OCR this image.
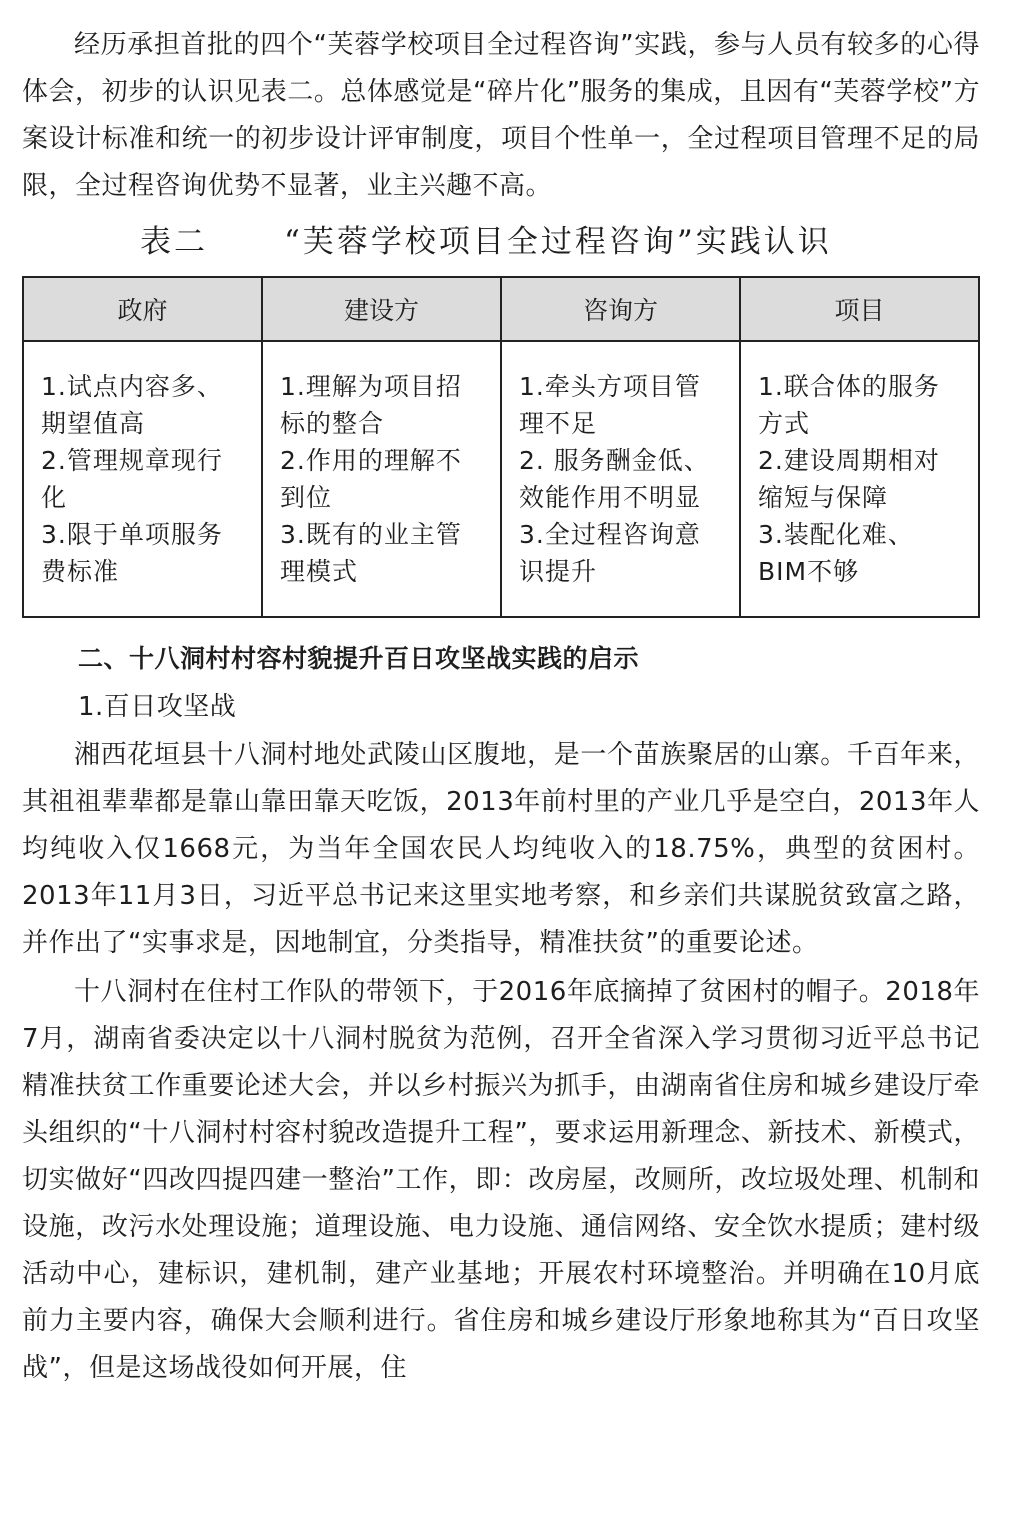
经历承担首批的四个“芙蓉学校项目全过程咨询”实践，参与人员有较多的心得体会，初步的认识见表二。总体感觉是“碎片化”服务的集成，且因有“芙蓉学校”方案设计标准和统一的初步设计评审制度，项目个性单一，全过程项目管理不足的局限，全过程咨询优势不显著，业主兴趣不高。

表二 “芙蓉学校项目全过程咨询”实践认识
政府	建设方	咨询方	项目

1.试点内容多、期望值高
2.管理规章现行化
3.限于单项服务费标准	1.理解为项目招标的整合
2.作用的理解不到位
3.既有的业主管理模式	1.牵头方项目管理不足
2. 服务酬金低、效能作用不明显
3.全过程咨询意识提升	1.联合体的服务方式
2.建设周期相对缩短与保障
3.装配化难、BIM不够
二、十八洞村村容村貌提升百日攻坚战实践的启示
1.百日攻坚战

湘西花垣县十八洞村地处武陵山区腹地，是一个苗族聚居的山寨。千百年来，其祖祖辈辈都是靠山靠田靠天吃饭，2013年前村里的产业几乎是空白，2013年人均纯收入仅1668元，为当年全国农民人均纯收入的18.75%，典型的贫困村。2013年11月3日，习近平总书记来这里实地考察，和乡亲们共谋脱贫致富之路，并作出了“实事求是，因地制宜，分类指导，精准扶贫”的重要论述。

十八洞村在住村工作队的带领下，于2016年底摘掉了贫困村的帽子。2018年7月，湖南省委决定以十八洞村脱贫为范例，召开全省深入学习贯彻习近平总书记精准扶贫工作重要论述大会，并以乡村振兴为抓手，由湖南省住房和城乡建设厅牵头组织的“十八洞村村容村貌改造提升工程”，要求运用新理念、新技术、新模式，切实做好“四改四提四建一整治”工作，即：改房屋，改厕所，改垃圾处理、机制和设施，改污水处理设施；道理设施、电力设施、通信网络、安全饮水提质；建村级活动中心，建标识，建机制，建产业基地；开展农村环境整治。并明确在10月底前力主要内容，确保大会顺利进行。省住房和城乡建设厅形象地称其为“百日攻坚战”，但是这场战役如何开展，住
